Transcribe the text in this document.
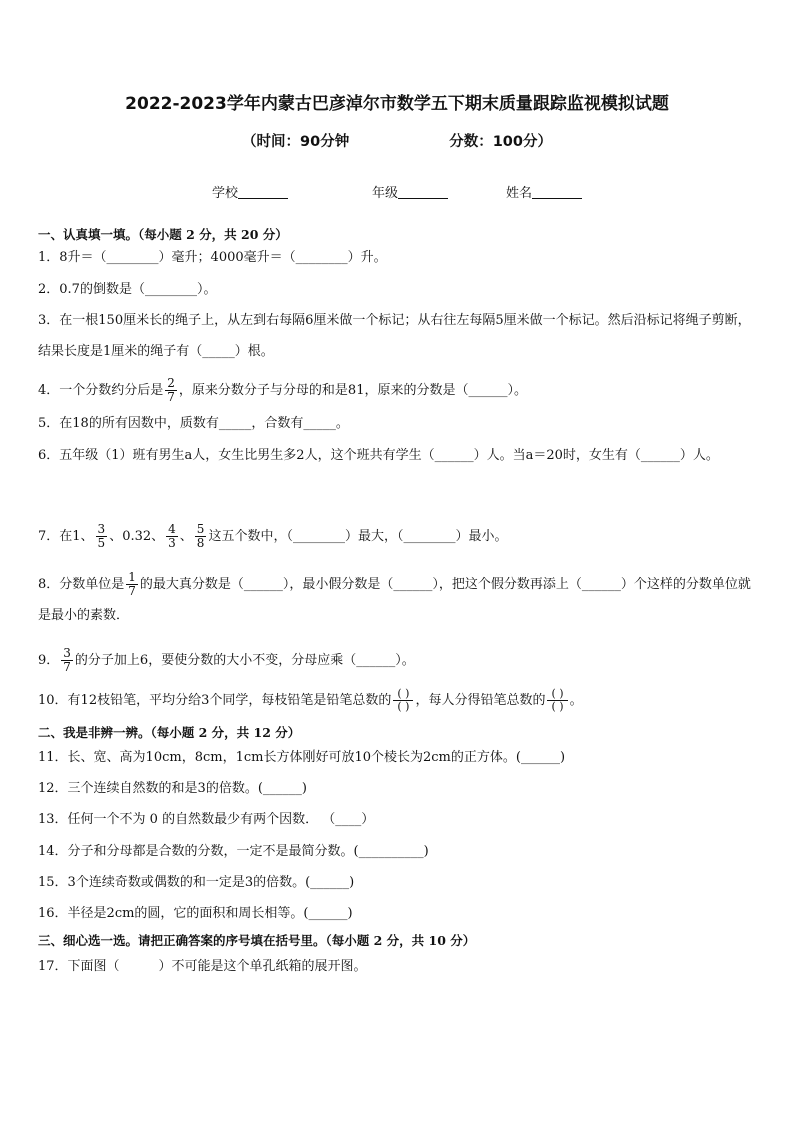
2022-2023学年内蒙古巴彦淖尔市数学五下期末质量跟踪监视模拟试题
（时间：90分钟	分数：100分）
学校	年级	姓名
一、认真填一填。（每小题 2 分，共 20 分）
1．8升＝（________）毫升；4000毫升＝（________）升。
2．0.7的倒数是（________）。
3．在一根150厘米长的绳子上，从左到右每隔6厘米做一个标记；从右往左每隔5厘米做一个标记。然后沿标记将绳子剪断，结果长度是1厘米的绳子有（_____）根。
4．一个分数约分后是 $\frac{2}{7}$ ，原来分数分子与分母的和是81，原来的分数是（______）。
5．在18的所有因数中，质数有_____，合数有_____。
6．五年级（1）班有男生a人，女生比男生多2人，这个班共有学生（______）人。当a＝20时，女生有（______）人。
7．在1、 $\frac{3}{5}$ 、0.32、 $\frac{4}{3}$ 、 $\frac{5}{8}$ 这五个数中，（________）最大，（________）最小。
8．分数单位是 $\frac{1}{7}$ 的最大真分数是（______），最小假分数是（______），把这个假分数再添上（______）个这样的分数单位就是最小的素数．
9． $\frac{3}{7}$ 的分子加上6，要使分数的大小不变，分母应乘（______）。
10．有12枝铅笔，平均分给3个同学，每枝铅笔是铅笔总数的 $\frac{( )}{( )}$ ，每人分得铅笔总数的 $\frac{( )}{( )}$ 。
二、我是非辨一辨。（每小题 2 分，共 12 分）
11．长、宽、高为10cm，8cm，1cm长方体刚好可放10个棱长为2cm的正方体。(______)
12．三个连续自然数的和是3的倍数。(______)
13．任何一个不为 0 的自然数最少有两个因数． （____）
14．分子和分母都是合数的分数，一定不是最简分数。(__________)
15．3个连续奇数或偶数的和一定是3的倍数。(______)
16．半径是2cm的圆，它的面积和周长相等。(______)
三、细心选一选。请把正确答案的序号填在括号里。（每小题 2 分，共 10 分）
17．下面图（　　　）不可能是这个单孔纸箱的展开图。
